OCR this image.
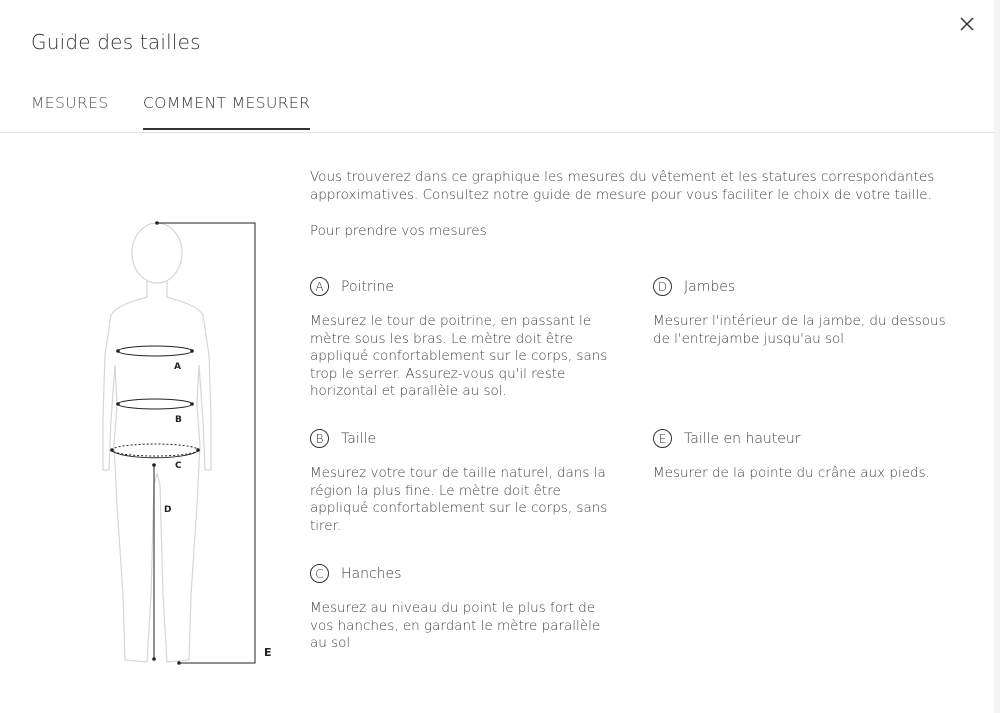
Guide des tailles
MESURES COMMENT MESURER
A
B
C
D
E
Vous trouverez dans ce graphique les mesures du vêtement et les statures correspondantes approximatives. Consultez notre guide de mesure pour vous faciliter le choix de votre taille.
Pour prendre vos mesures
A	Poitrine
Mesurez le tour de poitrine, en passant le mètre sous les bras. Le mètre doit être appliqué confortablement sur le corps, sans trop le serrer. Assurez-vous qu'il reste horizontal et parallèle au sol.
B	Taille
Mesurez votre tour de taille naturel, dans la région la plus fine. Le mètre doit être appliqué confortablement sur le corps, sans tirer.
C	Hanches
Mesurez au niveau du point le plus fort de vos hanches, en gardant le mètre parallèle au sol
D	Jambes
Mesurer l'intérieur de la jambe, du dessous de l'entrejambe jusqu'au sol
E	Taille en hauteur
Mesurer de la pointe du crâne aux pieds.
